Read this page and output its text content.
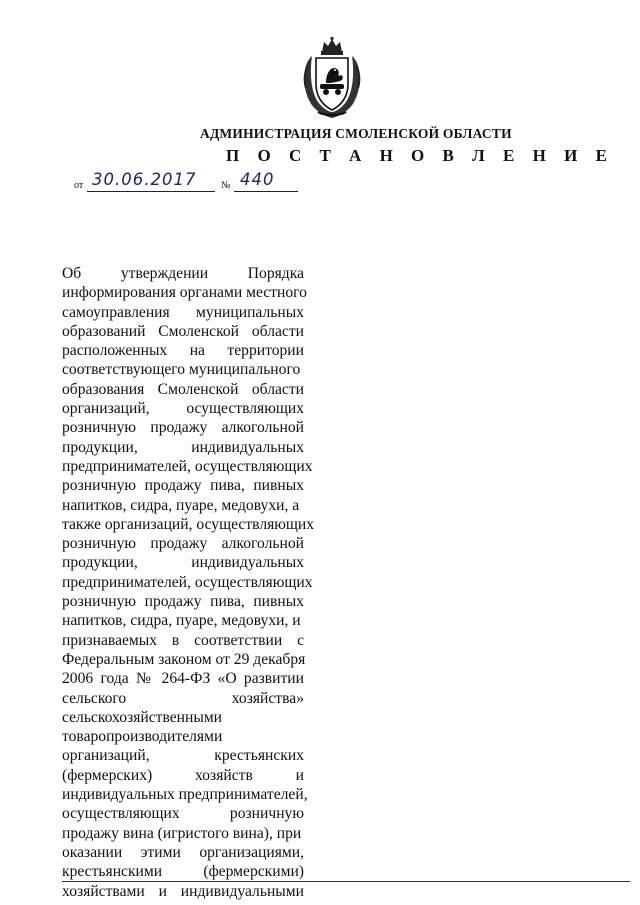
АДМИНИСТРАЦИЯ СМОЛЕНСКОЙ ОБЛАСТИ
П О С Т А Н О В Л Е Н И Е
от 30.06.2017 № 440
Об утверждении Порядка
информирования органами местного
самоуправления муниципальных
образований Смоленской области
расположенных на территории
соответствующего муниципального
образования Смоленской области
организаций, осуществляющих
розничную продажу алкогольной
продукции, индивидуальных
предпринимателей, осуществляющих
розничную продажу пива, пивных
напитков, сидра, пуаре, медовухи, а
также организаций, осуществляющих
розничную продажу алкогольной
продукции, индивидуальных
предпринимателей, осуществляющих
розничную продажу пива, пивных
напитков, сидра, пуаре, медовухи, и
признаваемых в соответствии с
Федеральным законом от 29 декабря
2006 года № 264-ФЗ «О развитии
сельского хозяйства»
сельскохозяйственными
товаропроизводителями
организаций, крестьянских
(фермерских) хозяйств и
индивидуальных предпринимателей,
осуществляющих розничную
продажу вина (игристого вина), при
оказании этими организациями,
крестьянскими (фермерскими)
хозяйствами и индивидуальными
